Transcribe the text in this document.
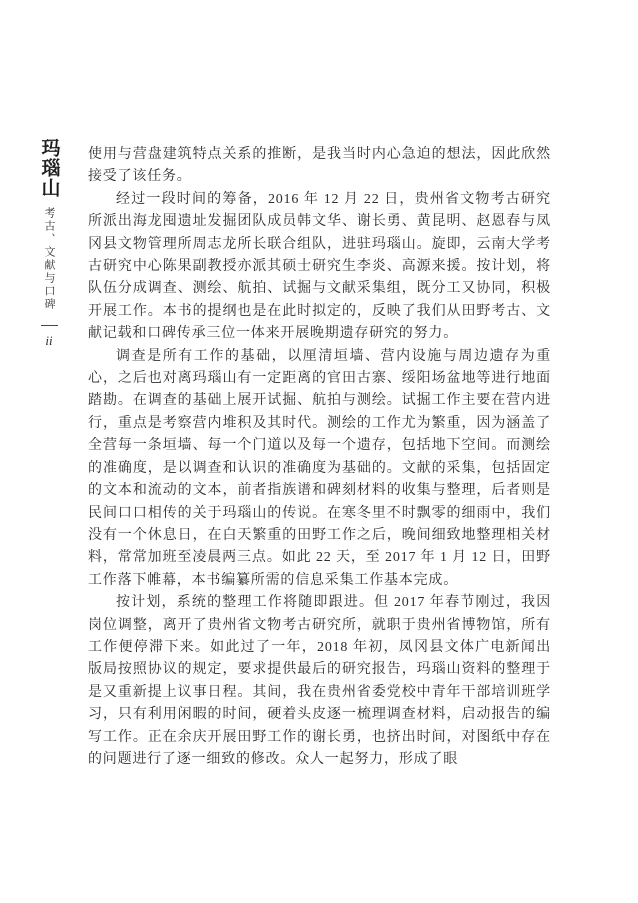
玛瑙山
考古、文献与口碑
ii

使用与营盘建筑特点关系的推断，是我当时内心急迫的想法，因此欣然接受了该任务。

经过一段时间的筹备，2016 年 12 月 22 日，贵州省文物考古研究所派出海龙囤遗址发掘团队成员韩文华、谢长勇、黄昆明、赵恩春与凤冈县文物管理所周志龙所长联合组队，进驻玛瑙山。旋即，云南大学考古研究中心陈果副教授亦派其硕士研究生李炎、高源来援。按计划，将队伍分成调查、测绘、航拍、试掘与文献采集组，既分工又协同，积极开展工作。本书的提纲也是在此时拟定的，反映了我们从田野考古、文献记载和口碑传承三位一体来开展晚期遗存研究的努力。

调查是所有工作的基础，以厘清垣墙、营内设施与周边遗存为重心，之后也对离玛瑙山有一定距离的官田古寨、绥阳场盆地等进行地面踏勘。在调查的基础上展开试掘、航拍与测绘。试掘工作主要在营内进行，重点是考察营内堆积及其时代。测绘的工作尤为繁重，因为涵盖了全营每一条垣墙、每一个门道以及每一个遗存，包括地下空间。而测绘的准确度，是以调查和认识的准确度为基础的。文献的采集，包括固定的文本和流动的文本，前者指族谱和碑刻材料的收集与整理，后者则是民间口口相传的关于玛瑙山的传说。在寒冬里不时飘零的细雨中，我们没有一个休息日，在白天繁重的田野工作之后，晚间细致地整理相关材料，常常加班至凌晨两三点。如此 22 天，至 2017 年 1 月 12 日，田野工作落下帷幕，本书编纂所需的信息采集工作基本完成。

按计划，系统的整理工作将随即跟进。但 2017 年春节刚过，我因岗位调整，离开了贵州省文物考古研究所，就职于贵州省博物馆，所有工作便停滞下来。如此过了一年，2018 年初，凤冈县文体广电新闻出版局按照协议的规定，要求提供最后的研究报告，玛瑙山资料的整理于是又重新提上议事日程。其间，我在贵州省委党校中青年干部培训班学习，只有利用闲暇的时间，硬着头皮逐一梳理调查材料，启动报告的编写工作。正在余庆开展田野工作的谢长勇，也挤出时间，对图纸中存在的问题进行了逐一细致的修改。众人一起努力，形成了眼
